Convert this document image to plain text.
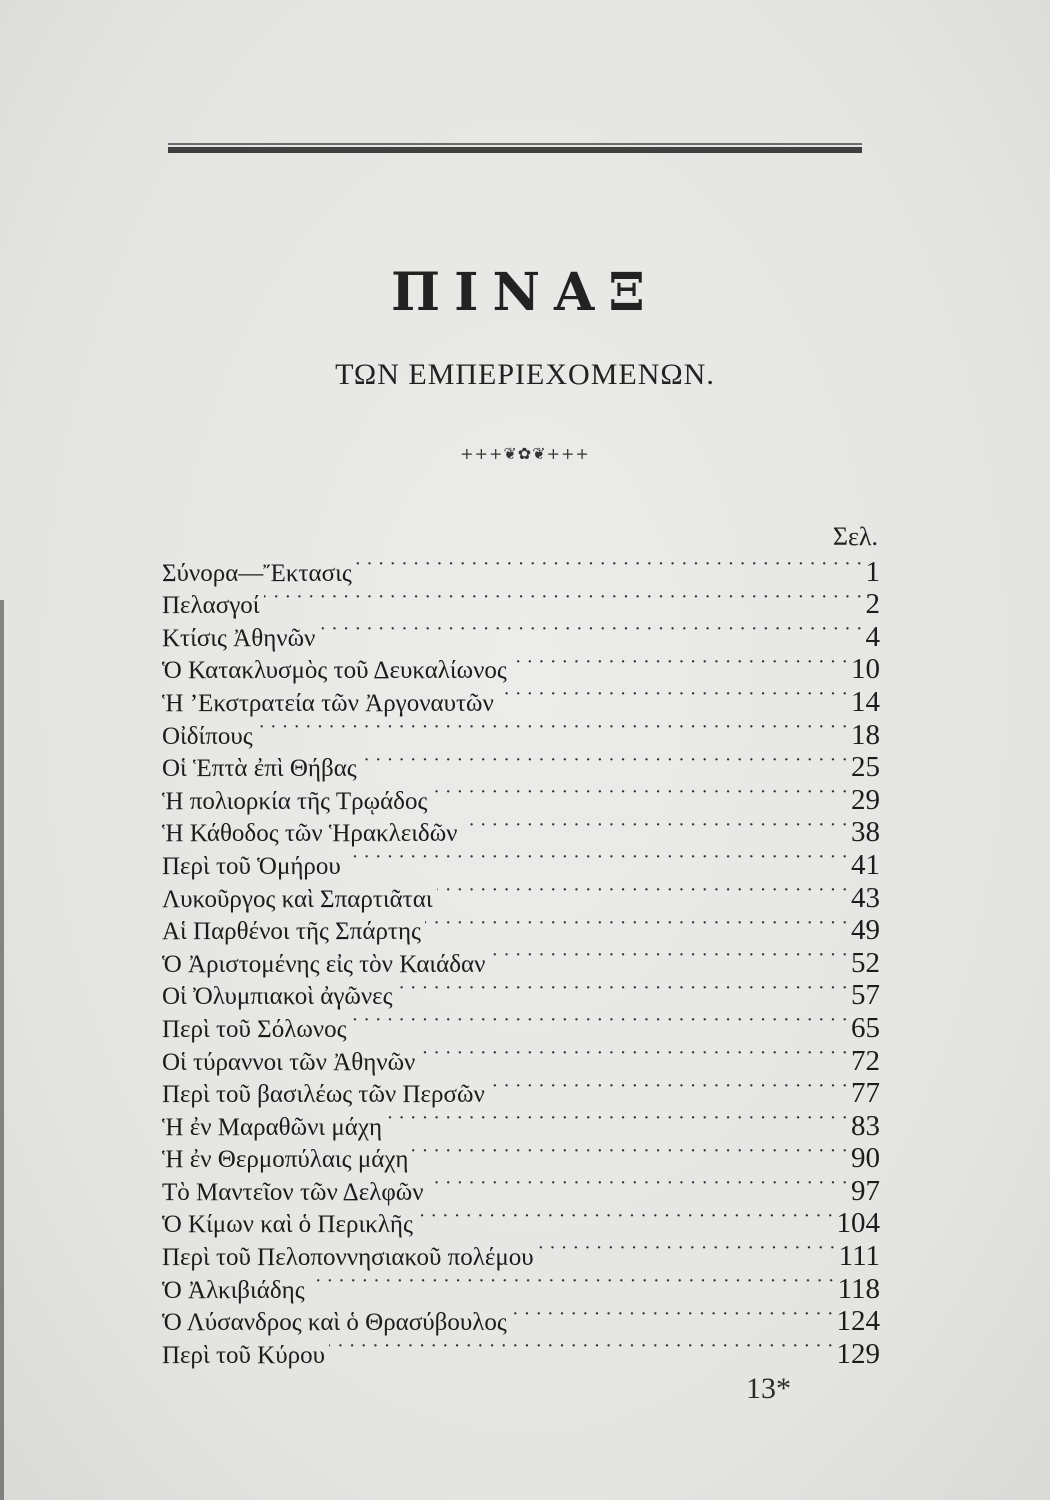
ΠΙΝΑΞ
ΤΩΝ ΕΜΠΕΡΙΕΧΟΜΕΝΩΝ.
+++❦✿❦+++
Σελ.
Σύνορα—Ἔκτασις · · ·	1
Πελασγοί · · ·	2
Κτίσις Ἀθηνῶν · · ·	4
Ὁ Κατακλυσμὸς τοῦ Δευκαλίωνος · · ·	10
Ἡ ’Εκστρατεία τῶν Ἀργοναυτῶν · · ·	14
Οἰδίπους · · ·	18
Οἱ Ἑπτὰ ἐπὶ Θήβας · · ·	25
Ἡ πολιορκία τῆς Τρῳάδος · · ·	29
Ἡ Κάθοδος τῶν Ἡρακλειδῶν · · ·	38
Περὶ τοῦ Ὁμήρου · · ·	41
Λυκοῦργος καὶ Σπαρτιᾶται · · ·	43
Αἱ Παρθένοι τῆς Σπάρτης · · ·	49
Ὁ Ἀριστομένης εἰς τὸν Καιάδαν · · ·	52
Οἱ Ὀλυμπιακοὶ ἀγῶνες · · ·	57
Περὶ τοῦ Σόλωνος · · ·	65
Οἱ τύραννοι τῶν Ἀθηνῶν · · ·	72
Περὶ τοῦ βασιλέως τῶν Περσῶν · · ·	77
Ἡ ἐν Μαραθῶνι μάχη · · ·	83
Ἡ ἐν Θερμοπύλαις μάχη · · ·	90
Τὸ Μαντεῖον τῶν Δελφῶν · · ·	97
Ὁ Κίμων καὶ ὁ Περικλῆς · · ·	104
Περὶ τοῦ Πελοποννησιακοῦ πολέμου · · ·	111
Ὁ Ἀλκιβιάδης · · ·	118
Ὁ Λύσανδρος καὶ ὁ Θρασύβουλος · · ·	124
Περὶ τοῦ Κύρου · · ·	129
13*
